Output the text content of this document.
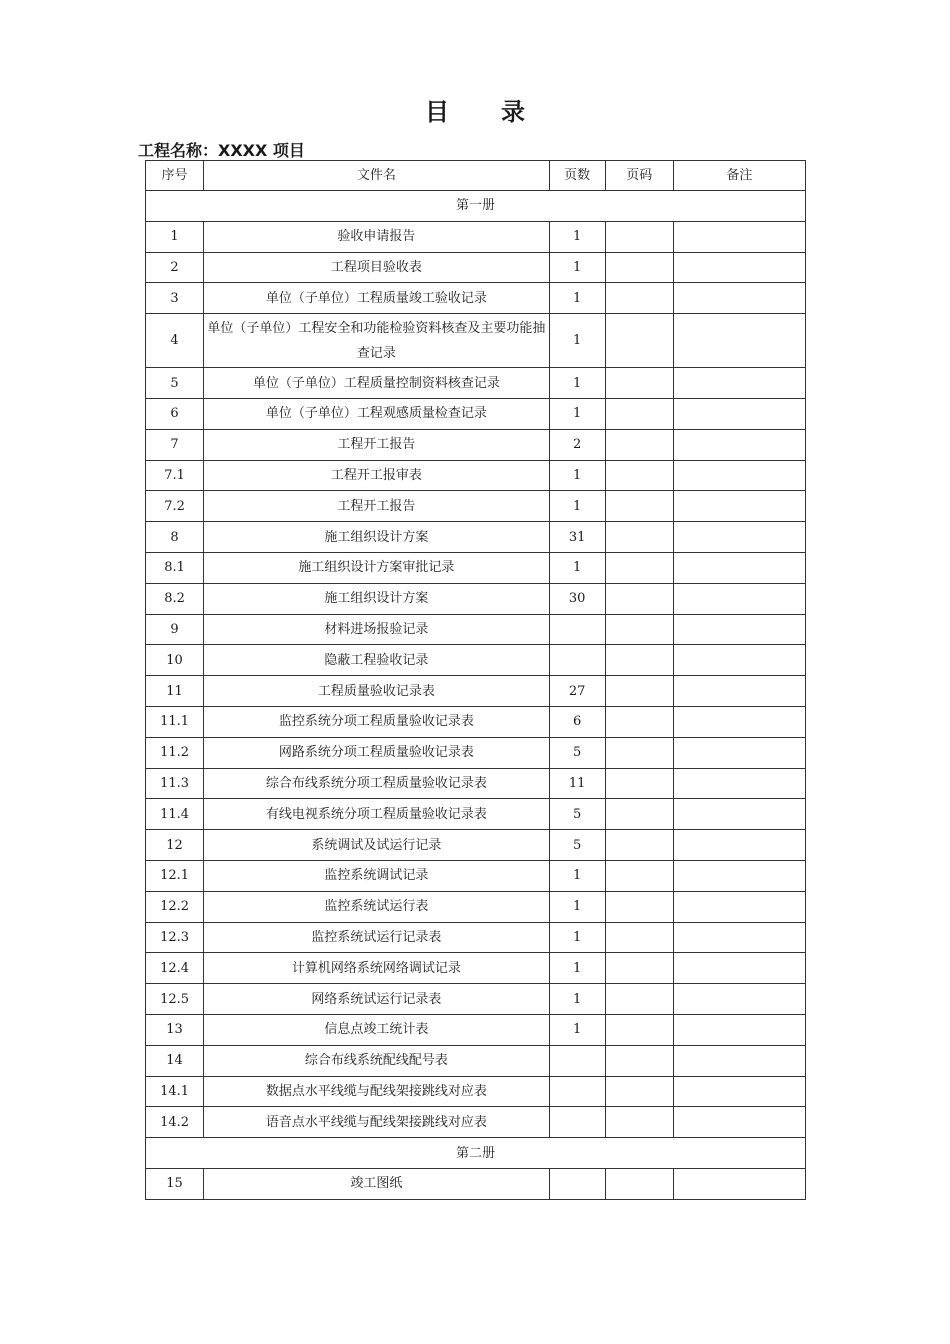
目 录
工程名称：XXXX 项目
序号	文件名	页数	页码	备注
第一册				
1	验收申请报告	1		
2	工程项目验收表	1		
3	单位（子单位）工程质量竣工验收记录	1		
4	单位（子单位）工程安全和功能检验资料核查及主要功能抽查记录	1		
5	单位（子单位）工程质量控制资料核查记录	1		
6	单位（子单位）工程观感质量检查记录	1		
7	工程开工报告	2		
7.1	工程开工报审表	1		
7.2	工程开工报告	1		
8	施工组织设计方案	31		
8.1	施工组织设计方案审批记录	1		
8.2	施工组织设计方案	30		
9	材料进场报验记录			
10	隐蔽工程验收记录			
11	工程质量验收记录表	27		
11.1	监控系统分项工程质量验收记录表	6		
11.2	网路系统分项工程质量验收记录表	5		
11.3	综合布线系统分项工程质量验收记录表	11		
11.4	有线电视系统分项工程质量验收记录表	5		
12	系统调试及试运行记录	5		
12.1	监控系统调试记录	1		
12.2	监控系统试运行表	1		
12.3	监控系统试运行记录表	1		
12.4	计算机网络系统网络调试记录	1		
12.5	网络系统试运行记录表	1		
13	信息点竣工统计表	1		
14	综合布线系统配线配号表			
14.1	数据点水平线缆与配线架接跳线对应表			
14.2	语音点水平线缆与配线架接跳线对应表			
第二册				
15	竣工图纸			
